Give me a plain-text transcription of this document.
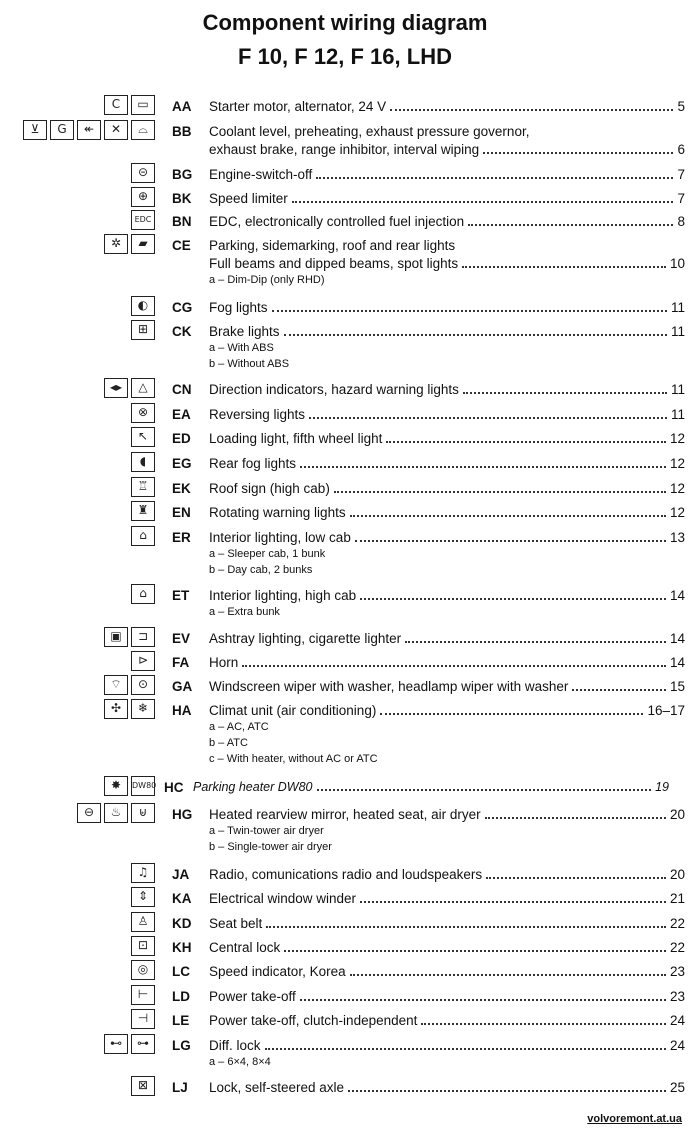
Component wiring diagram
F 10, F 12, F 16, LHD
C	▭	AA Starter motor, alternator, 24 V	5
⊻	G	↞	✕	⌓	BB Coolant level, preheating, exhaust pressure governor,
exhaust brake, range inhibitor, interval wiping	6
⊝	BG Engine-switch-off	7
⊕	BK Speed limiter	7
EDC BN EDC, electronically controlled fuel injection	8
✲	▰	CE Parking, sidemarking, roof and rear lights
Full beams and dipped beams, spot lights	10
a – Dim-Dip (only RHD)
◐	CG Fog lights	11
⊞	CK Brake lights	11
a – With ABS
b – Without ABS
◂▸	△	CN Direction indicators, hazard warning lights	11
⊗	EA Reversing lights	11
↖	ED Loading light, fifth wheel light	12
◖	EG Rear fog lights	12
♖	EK Roof sign (high cab)	12
♜	EN Rotating warning lights	12
⌂	ER Interior lighting, low cab	13
a – Sleeper cab, 1 bunk
b – Day cab, 2 bunks
⌂	ET Interior lighting, high cab	14
a – Extra bunk
▣	⊐	EV Ashtray lighting, cigarette lighter	14
⊳	FA Horn	14
⌔	⊙	GA Windscreen wiper with washer, headlamp wiper with washer	15
✣	❄	HA Climat unit (air conditioning)	16–17
a – AC, ATC
b – ATC
c – With heater, without AC or ATC
✸	DW80 HC Parking heater DW80	19
⊖	♨	⊌	HG Heated rearview mirror, heated seat, air dryer	20
a – Twin-tower air dryer
b – Single-tower air dryer
♫	JA Radio, comunications radio and loudspeakers	20
⇕	KA Electrical window winder	21
♙	KD Seat belt	22
⊡	KH Central lock	22
◎	LC Speed indicator, Korea	23
⊢	LD Power take-off	23
⊣	LE Power take-off, clutch-independent	24
⊷	⊶	LG Diff. lock	24
a – 6×4, 8×4
⊠	LJ Lock, self-steered axle	25
volvoremont.at.ua
